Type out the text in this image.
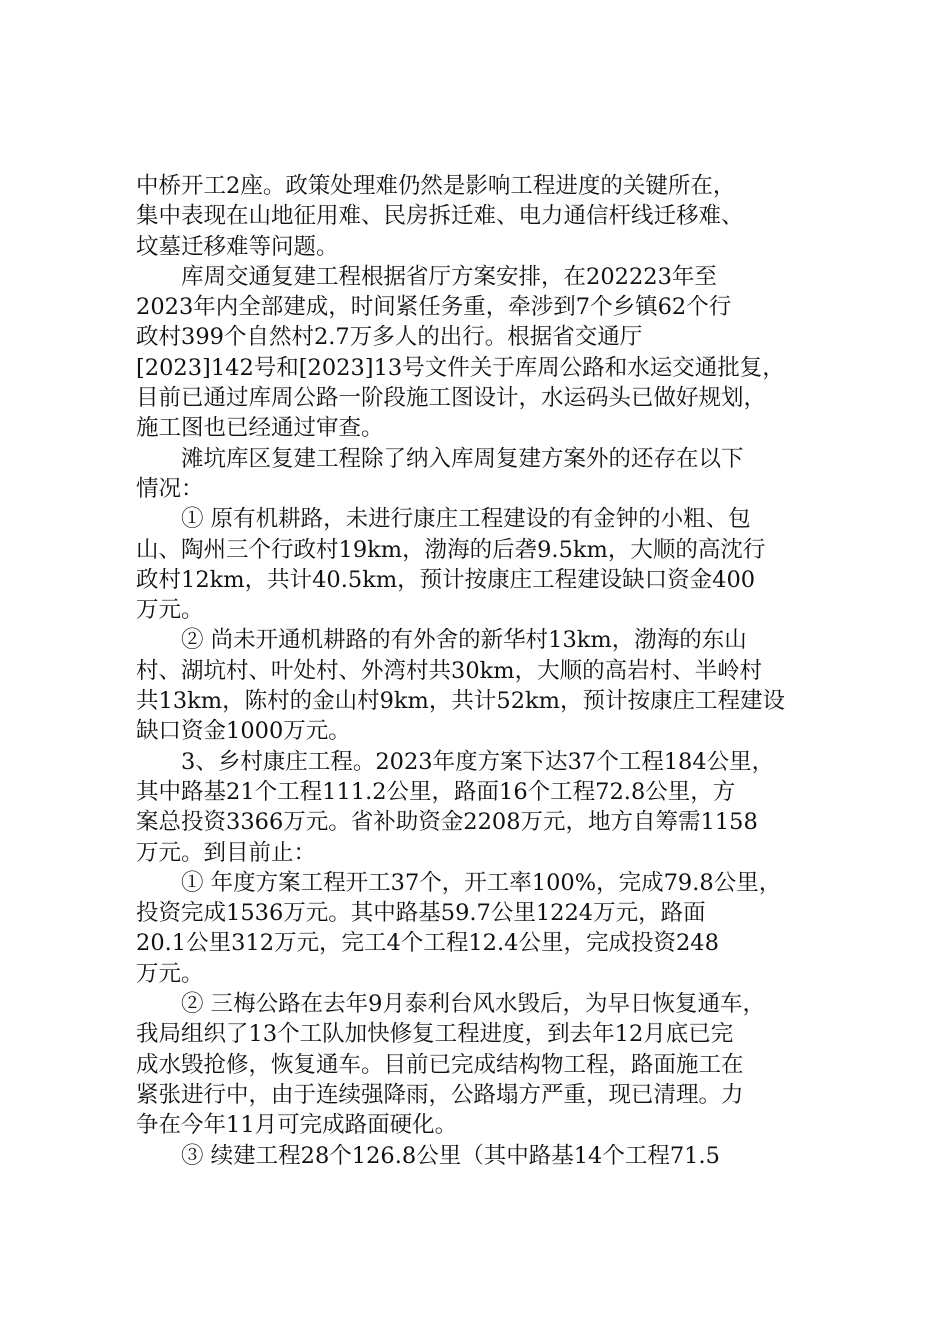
中桥开工2座。政策处理难仍然是影响工程进度的关键所在，
集中表现在山地征用难、民房拆迁难、电力通信杆线迁移难、
坟墓迁移难等问题。
库周交通复建工程根据省厅方案安排，在202223年至
2023年内全部建成，时间紧任务重，牵涉到7个乡镇62个行
政村399个自然村2.7万多人的出行。根据省交通厅
[2023]142号和[2023]13号文件关于库周公路和水运交通批复，
目前已通过库周公路一阶段施工图设计，水运码头已做好规划，
施工图也已经通过审查。
滩坑库区复建工程除了纳入库周复建方案外的还存在以下
情况：
① 原有机耕路，未进行康庄工程建设的有金钟的小粗、包
山、陶州三个行政村19km，渤海的后砻9.5km，大顺的高沈行
政村12km，共计40.5km，预计按康庄工程建设缺口资金400
万元。
② 尚未开通机耕路的有外舍的新华村13km，渤海的东山
村、湖坑村、叶处村、外湾村共30km，大顺的高岩村、半岭村
共13km，陈村的金山村9km，共计52km，预计按康庄工程建设
缺口资金1000万元。
3、乡村康庄工程。2023年度方案下达37个工程184公里，
其中路基21个工程111.2公里，路面16个工程72.8公里，方
案总投资3366万元。省补助资金2208万元，地方自筹需1158
万元。到目前止：
① 年度方案工程开工37个，开工率100%，完成79.8公里，
投资完成1536万元。其中路基59.7公里1224万元，路面
20.1公里312万元，完工4个工程12.4公里，完成投资248
万元。
② 三梅公路在去年9月泰利台风水毁后，为早日恢复通车，
我局组织了13个工队加快修复工程进度，到去年12月底已完
成水毁抢修，恢复通车。目前已完成结构物工程，路面施工在
紧张进行中，由于连续强降雨，公路塌方严重，现已清理。力
争在今年11月可完成路面硬化。
③ 续建工程28个126.8公里（其中路基14个工程71.5
